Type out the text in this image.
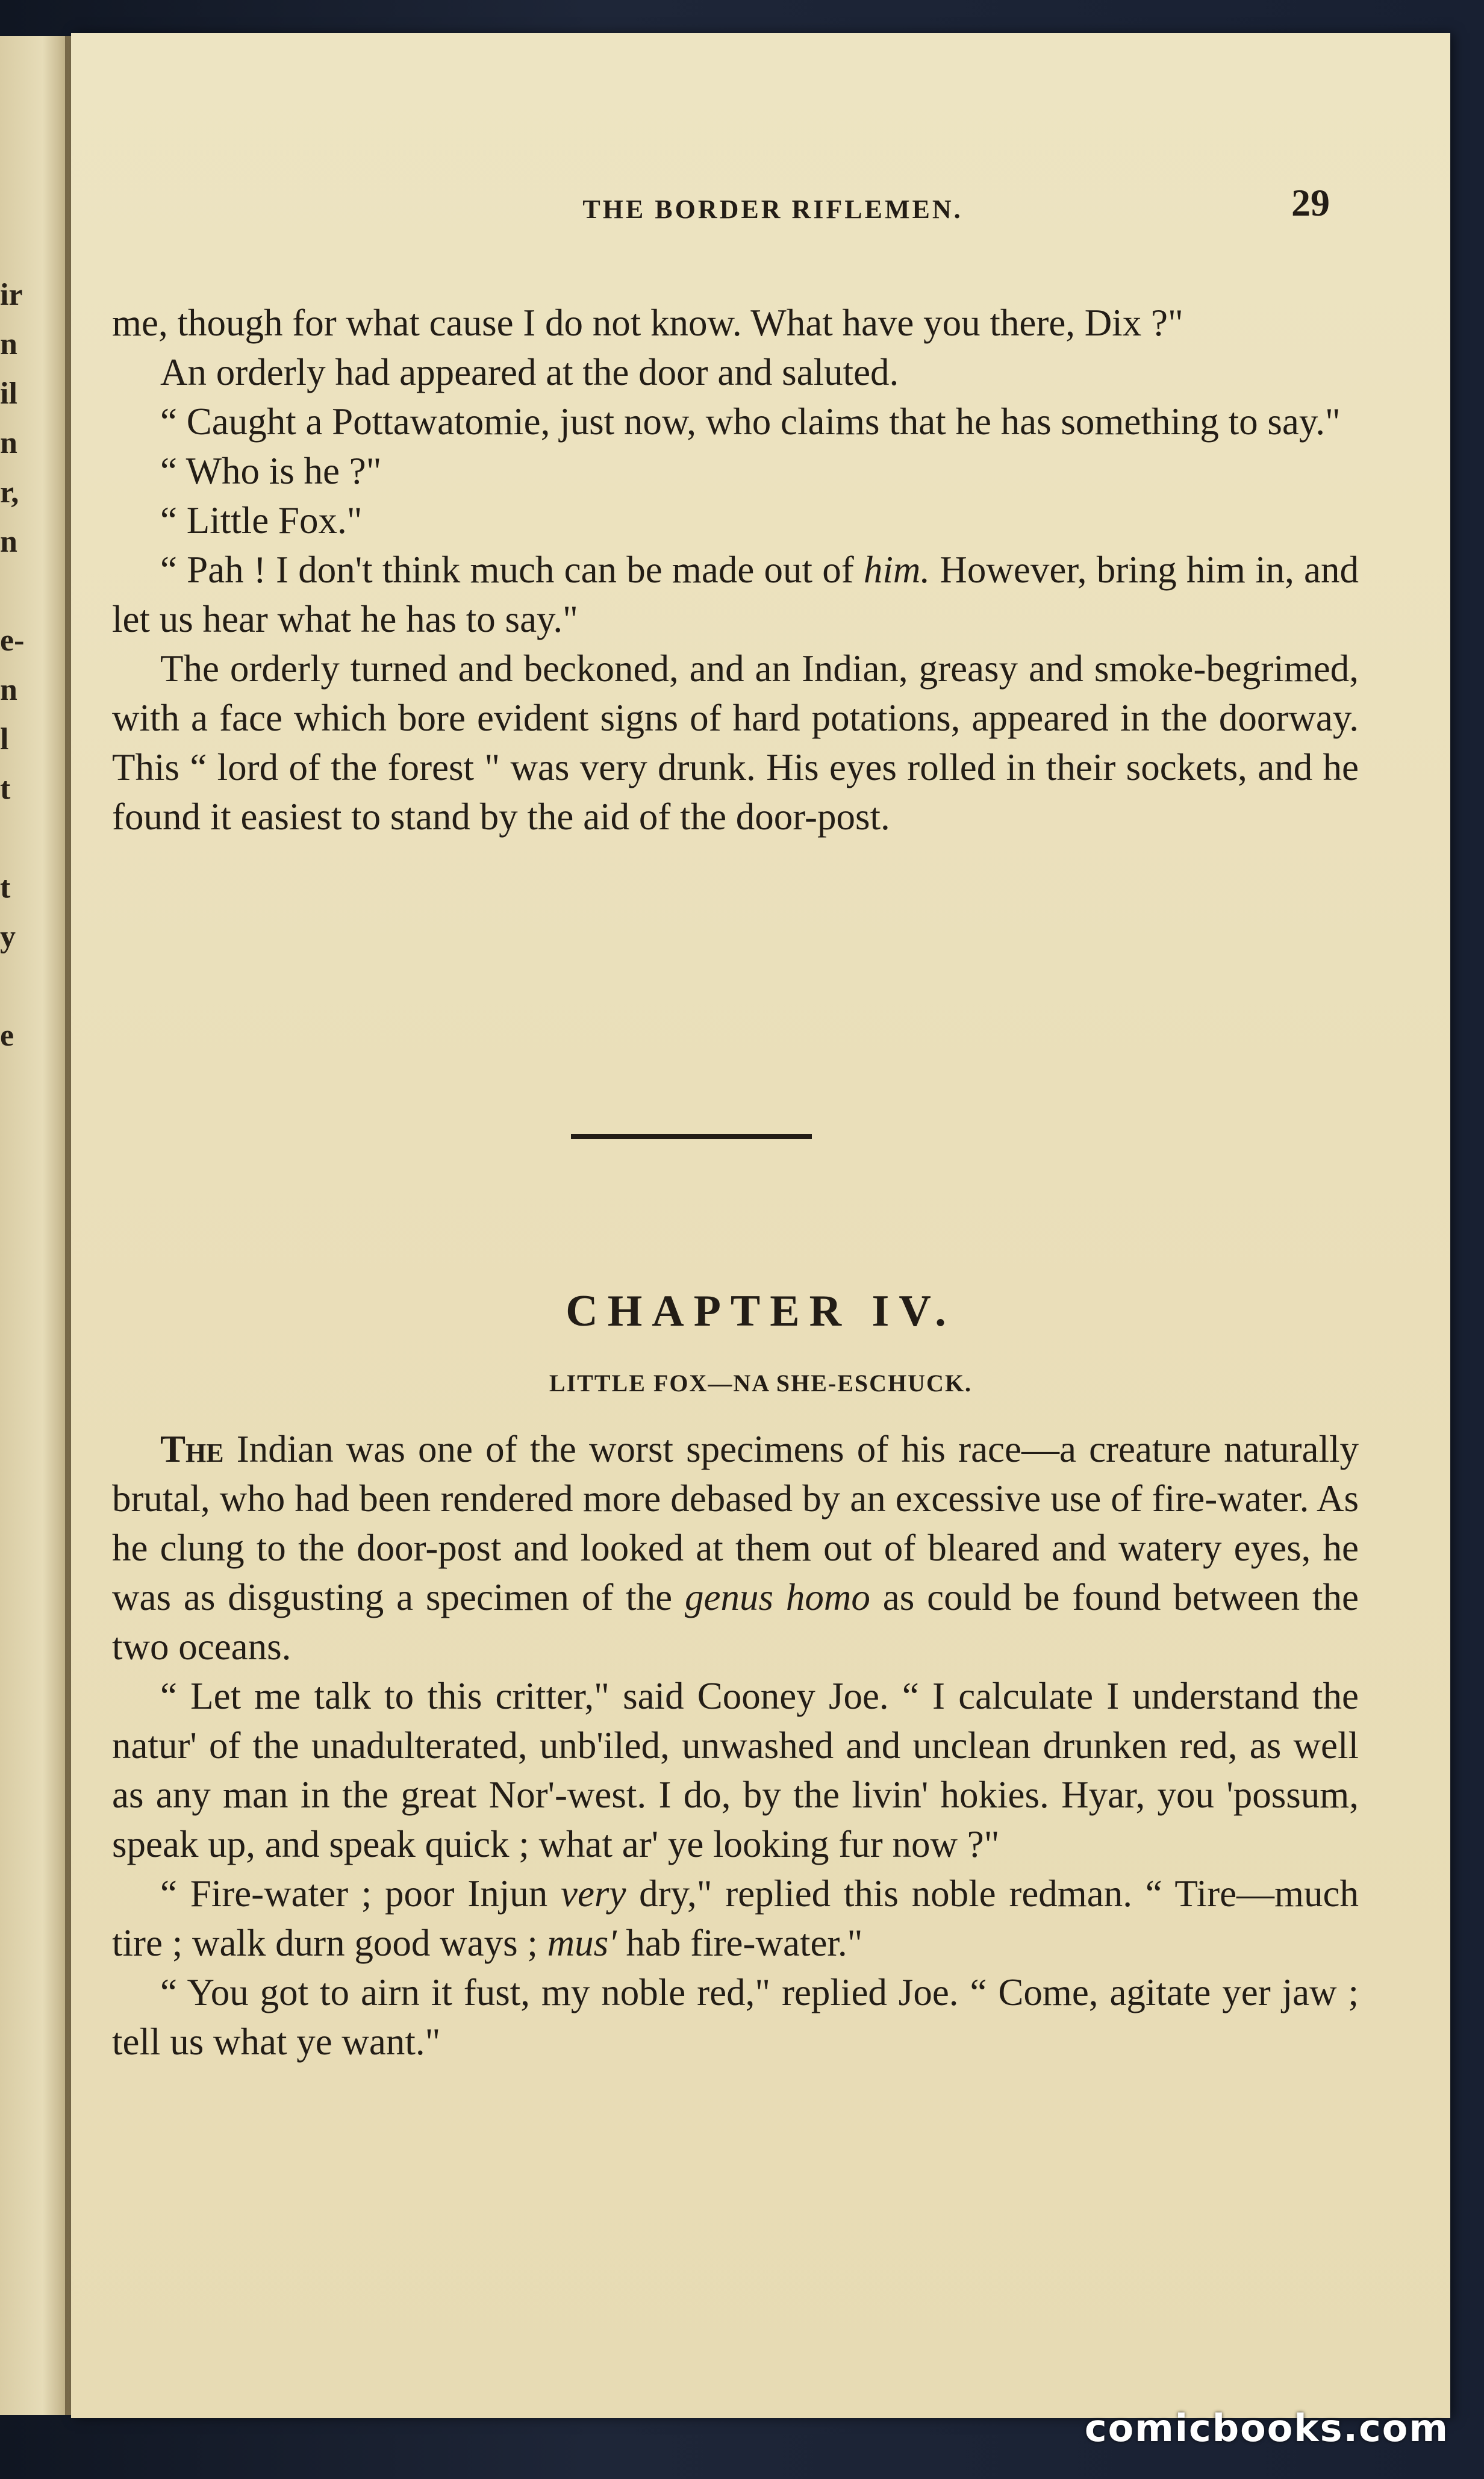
ir
n
il
n
r,
n
e-
n
l
t
t
y
e
THE BORDER RIFLEMEN.	29

me, though for what cause I do not know. What have you there, Dix ?"

An orderly had appeared at the door and saluted.

“ Caught a Pottawatomie, just now, who claims that he has something to say."

“ Who is he ?"

“ Little Fox."

“ Pah ! I don't think much can be made out of him. However, bring him in, and let us hear what he has to say."

The orderly turned and beckoned, and an Indian, greasy and smoke-begrimed, with a face which bore evident signs of hard potations, appeared in the doorway. This “ lord of the forest " was very drunk. His eyes rolled in their sockets, and he found it easiest to stand by the aid of the door-post.

CHAPTER IV.
LITTLE FOX—NA SHE-ESCHUCK.

The Indian was one of the worst specimens of his race—a creature naturally brutal, who had been rendered more debased by an excessive use of fire-water. As he clung to the door-post and looked at them out of bleared and watery eyes, he was as disgusting a specimen of the genus homo as could be found between the two oceans.

“ Let me talk to this critter," said Cooney Joe. “ I calculate I understand the natur' of the unadulterated, unb'iled, unwashed and unclean drunken red, as well as any man in the great Nor'-west. I do, by the livin' hokies. Hyar, you 'possum, speak up, and speak quick ; what ar' ye looking fur now ?"

“ Fire-water ; poor Injun very dry," replied this noble redman. “ Tire—much tire ; walk durn good ways ; mus' hab fire-water."

“ You got to airn it fust, my noble red," replied Joe. “ Come, agitate yer jaw ; tell us what ye want."

comicbooks.com
